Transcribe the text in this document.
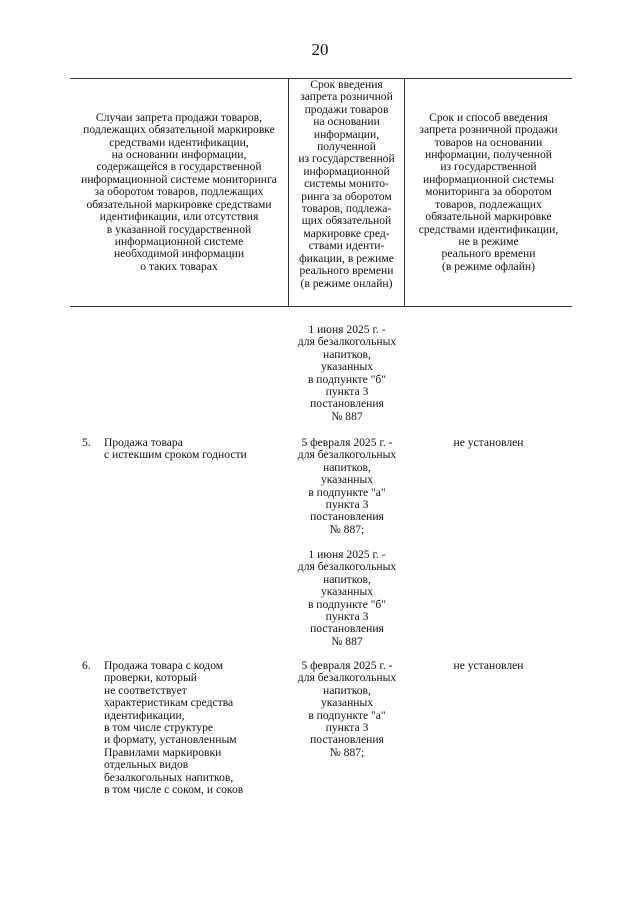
20
Случаи запрета продажи товаров,
подлежащих обязательной маркировке
средствами идентификации,
на основании информации,
содержащейся в государственной
информационной системе мониторинга
за оборотом товаров, подлежащих
обязательной маркировке средствами
идентификации, или отсутствия
в указанной государственной
информационной системе
необходимой информации
о таких товарах
Срок введения
запрета розничной
продажи товаров
на основании
информации,
полученной
из государственной
информационной
системы монито-
ринга за оборотом
товаров, подлежа-
щих обязательной
маркировке сред-
ствами иденти-
фикации, в режиме
реального времени
(в режиме онлайн)
Срок и способ введения
запрета розничной продажи
товаров на основании
информации, полученной
из государственной
информационной системы
мониторинга за оборотом
товаров, подлежащих
обязательной маркировке
средствами идентификации,
не в режиме
реального времени
(в режиме офлайн)
1 июня 2025 г. -
для безалкогольных
напитков,
указанных
в подпункте "б"
пункта 3
постановления
№ 887
5.	Продажа товара
с истекшим сроком годности
5 февраля 2025 г. -
для безалкогольных
напитков,
указанных
в подпункте "а"
пункта 3
постановления
№ 887;
не установлен
1 июня 2025 г. -
для безалкогольных
напитков,
указанных
в подпункте "б"
пункта 3
постановления
№ 887
6.	Продажа товара с кодом
проверки, который
не соответствует
характеристикам средства
идентификации,
в том числе структуре
и формату, установленным
Правилами маркировки
отдельных видов
безалкогольных напитков,
в том числе с соком, и соков
5 февраля 2025 г. -
для безалкогольных
напитков,
указанных
в подпункте "а"
пункта 3
постановления
№ 887;
не установлен
